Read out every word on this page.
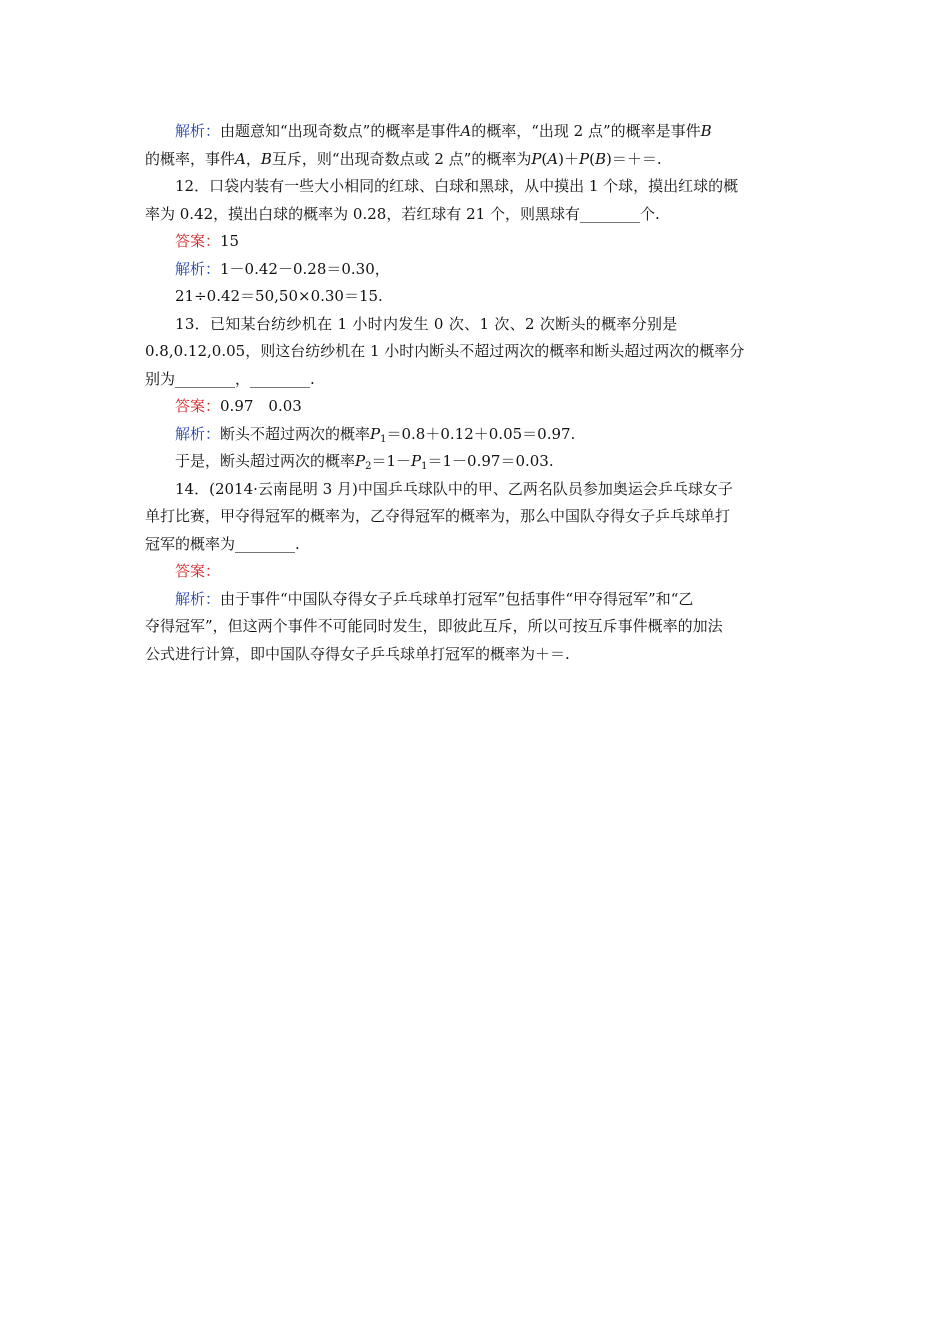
解析：由题意知“出现奇数点”的概率是事件A的概率，“出现 2 点”的概率是事件B
的概率，事件A，B互斥，则“出现奇数点或 2 点”的概率为P(A)＋P(B)＝＋＝.
12．口袋内装有一些大小相同的红球、白球和黑球，从中摸出 1 个球，摸出红球的概
率为 0.42，摸出白球的概率为 0.28，若红球有 21 个，则黑球有________个.
答案：15
解析：1－0.42－0.28＝0.30，
21÷0.42＝50,50×0.30＝15.
13．已知某台纺纱机在 1 小时内发生 0 次、1 次、2 次断头的概率分别是
0.8,0.12,0.05，则这台纺纱机在 1 小时内断头不超过两次的概率和断头超过两次的概率分
别为________，________.
答案：0.97　0.03
解析：断头不超过两次的概率$P_1=0.8+0.12+0.05=0.97$.
于是，断头超过两次的概率$P_2=1-P_1=1-0.97=0.03$.
14．(2014·云南昆明 3 月)中国乒乓球队中的甲、乙两名队员参加奥运会乒乓球女子
单打比赛，甲夺得冠军的概率为，乙夺得冠军的概率为，那么中国队夺得女子乒乓球单打
冠军的概率为________.
答案：
解析：由于事件“中国队夺得女子乒乓球单打冠军”包括事件“甲夺得冠军”和“乙
夺得冠军”，但这两个事件不可能同时发生，即彼此互斥，所以可按互斥事件概率的加法
公式进行计算，即中国队夺得女子乒乓球单打冠军的概率为＋＝.
